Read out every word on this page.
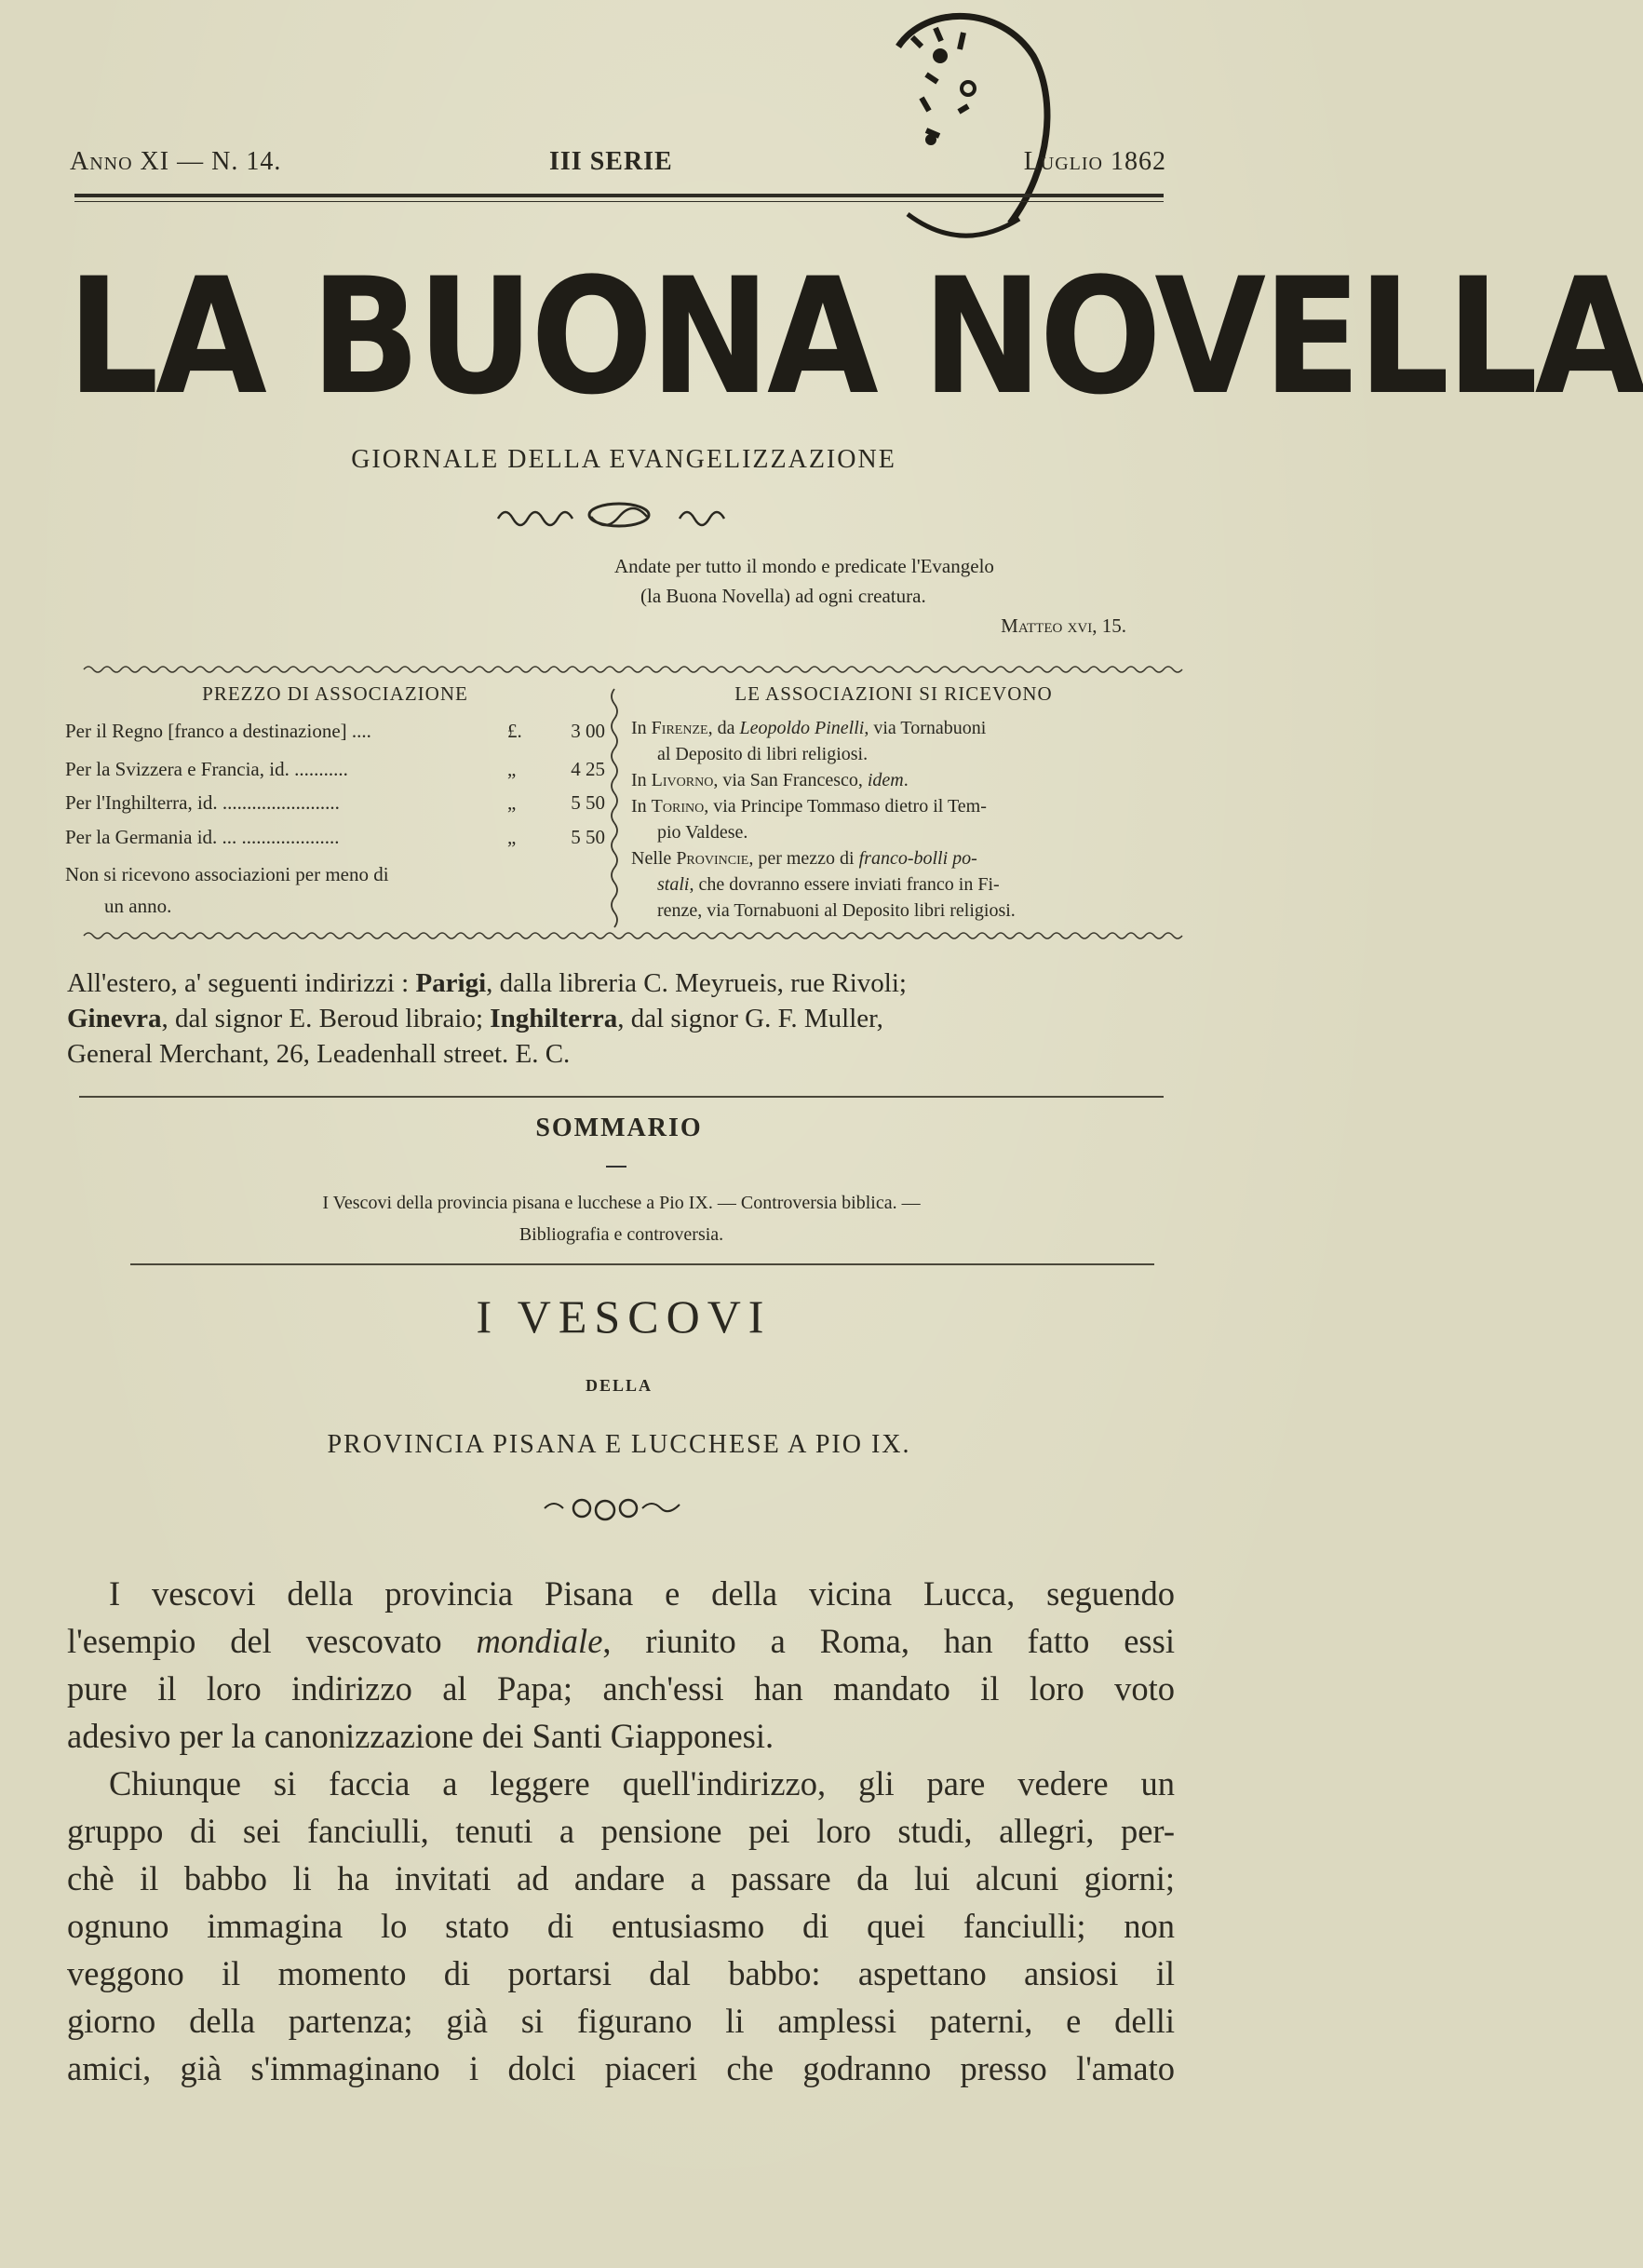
Anno XI — N. 14.	III SERIE	Luglio 1862
LA BUONA NOVELLA
GIORNALE DELLA EVANGELIZZAZIONE
Andate per tutto il mondo e predicate l'Evangelo
(la Buona Novella) ad ogni creatura.
Matteo xvi, 15.
PREZZO DI ASSOCIAZIONE
Per il Regno [franco a destinazione] ....	£.	3 00
Per la Svizzera e Francia, id. ...........	„	4 25
Per l'Inghilterra, id. ........................	„	5 50
Per la Germania id. ... ....................	„	5 50
Non si ricevono associazioni per meno di
un anno.
LE ASSOCIAZIONI SI RICEVONO
In Firenze, da Leopoldo Pinelli, via Tornabuoni
al Deposito di libri religiosi.
In Livorno, via San Francesco, idem.
In Torino, via Principe Tommaso dietro il Tem-
pio Valdese.
Nelle Provincie, per mezzo di franco-bolli po-
stali, che dovranno essere inviati franco in Fi-
renze, via Tornabuoni al Deposito libri religiosi.
All'estero, a' seguenti indirizzi : Parigi, dalla libreria C. Meyrueis, rue Rivoli;
Ginevra, dal signor E. Beroud libraio; Inghilterra, dal signor G. F. Muller,
General Merchant, 26, Leadenhall street. E. C.
SOMMARIO
I Vescovi della provincia pisana e lucchese a Pio IX. — Controversia biblica. —
Bibliografia e controversia.
I VESCOVI
DELLA
PROVINCIA PISANA E LUCCHESE A PIO IX.
I vescovi della provincia Pisana e della vicina Lucca, seguendo
l'esempio del vescovato mondiale, riunito a Roma, han fatto essi
pure il loro indirizzo al Papa; anch'essi han mandato il loro voto
adesivo per la canonizzazione dei Santi Giapponesi.
Chiunque si faccia a leggere quell'indirizzo, gli pare vedere un
gruppo di sei fanciulli, tenuti a pensione pei loro studi, allegri, per-
chè il babbo li ha invitati ad andare a passare da lui alcuni giorni;
ognuno immagina lo stato di entusiasmo di quei fanciulli; non
veggono il momento di portarsi dal babbo: aspettano ansiosi il
giorno della partenza; già si figurano li amplessi paterni, e delli
amici, già s'immaginano i dolci piaceri che godranno presso l'amato
